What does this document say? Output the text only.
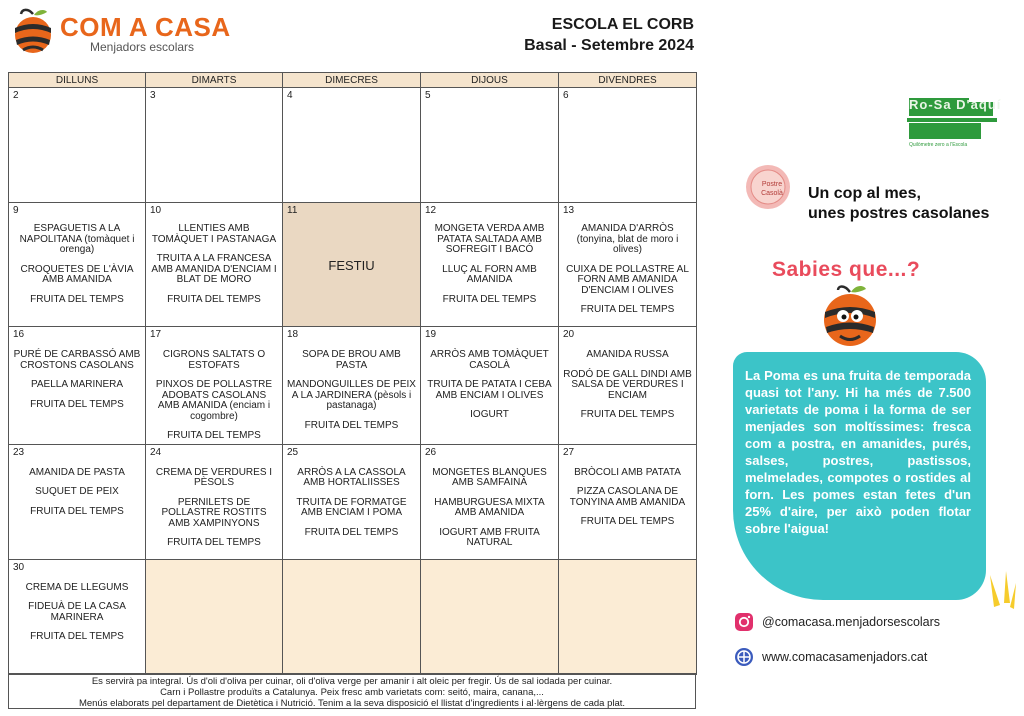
COM A CASA
Menjadors escolars
ESCOLA EL CORB
Basal - Setembre 2024
DILLUNS	DIMARTS	DIMECRES	DIJOUS	DIVENDRES

2	3	4	5	6

9
ESPAGUETIS A LA NAPOLITANA (tomàquet i orenga)
CROQUETES DE L'ÀVIA AMB AMANIDA
FRUITA DEL TEMPS	10
LLENTIES AMB TOMÀQUET I PASTANAGA
TRUITA A LA FRANCESA AMB AMANIDA D'ENCIAM I BLAT DE MORO
FRUITA DEL TEMPS	11
FESTIU	12
MONGETA VERDA AMB PATATA SALTADA AMB SOFREGIT I BACÓ
LLUÇ AL FORN AMB AMANIDA
FRUITA DEL TEMPS	13
AMANIDA D'ARRÒS (tonyina, blat de moro i olives)
CUIXA DE POLLASTRE AL FORN AMB AMANIDA D'ENCIAM I OLIVES
FRUITA DEL TEMPS

16
PURÉ DE CARBASSÓ AMB CROSTONS CASOLANS
PAELLA MARINERA
FRUITA DEL TEMPS	17
CIGRONS SALTATS O ESTOFATS
PINXOS DE POLLASTRE ADOBATS CASOLANS AMB AMANIDA (enciam i cogombre)
FRUITA DEL TEMPS	18
SOPA DE BROU AMB PASTA
MANDONGUILLES DE PEIX A LA JARDINERA (pèsols i pastanaga)
FRUITA DEL TEMPS	19
ARRÒS AMB TOMÀQUET CASOLÀ
TRUITA DE PATATA I CEBA AMB ENCIAM I OLIVES
IOGURT	20
AMANIDA RUSSA
RODÓ DE GALL DINDI AMB SALSA DE VERDURES I ENCIAM
FRUITA DEL TEMPS

23
AMANIDA DE PASTA
SUQUET DE PEIX
FRUITA DEL TEMPS	24
CREMA DE VERDURES I PÈSOLS
PERNILETS DE POLLASTRE ROSTITS AMB XAMPINYONS
FRUITA DEL TEMPS	25
ARRÒS A LA CASSOLA AMB HORTALIISSES
TRUITA DE FORMATGE AMB ENCIAM I POMA
FRUITA DEL TEMPS	26
MONGETES BLANQUES AMB SAMFAINA
HAMBURGUESA MIXTA AMB AMANIDA
IOGURT AMB FRUITA NATURAL	27
BRÒCOLI AMB PATATA
PIZZA CASOLANA DE TONYINA AMB AMANIDA
FRUITA DEL TEMPS

30
CREMA DE LLEGUMS
FIDEUÀ DE LA CASA MARINERA
FRUITA DEL TEMPS				

Es servirà pa integral. Ús d'oli d'oliva per cuinar, oli d'oliva verge per amanir i alt oleic per fregir. Ús de sal iodada per cuinar.
Carn i Pollastre produïts a Catalunya. Peix fresc amb varietats com: seitó, maira, canana,...
Menús elaborats pel departament de Dietètica i Nutrició. Tenim a la seva disposició el llistat d'ingredients i al·lèrgens de cada plat.
Ro-Sa D'aquí
Quilòmetre zero a l'Escola
Postre Casolà	Un cop al mes,
unes postres casolanes
Sabies que...?
La Poma es una fruita de temporada quasi tot l'any. Hi ha més de 7.500 varietats de poma i la forma de ser menjades son moltíssimes: fresca com a postra, en amanides, purés, salses, postres, pastissos, melmelades, compotes o rostides al forn. Les pomes estan fetes d'un 25% d'aire, per això poden flotar sobre l'aigua!
@comacasa.menjadorsescolars
www.comacasamenjadors.cat
